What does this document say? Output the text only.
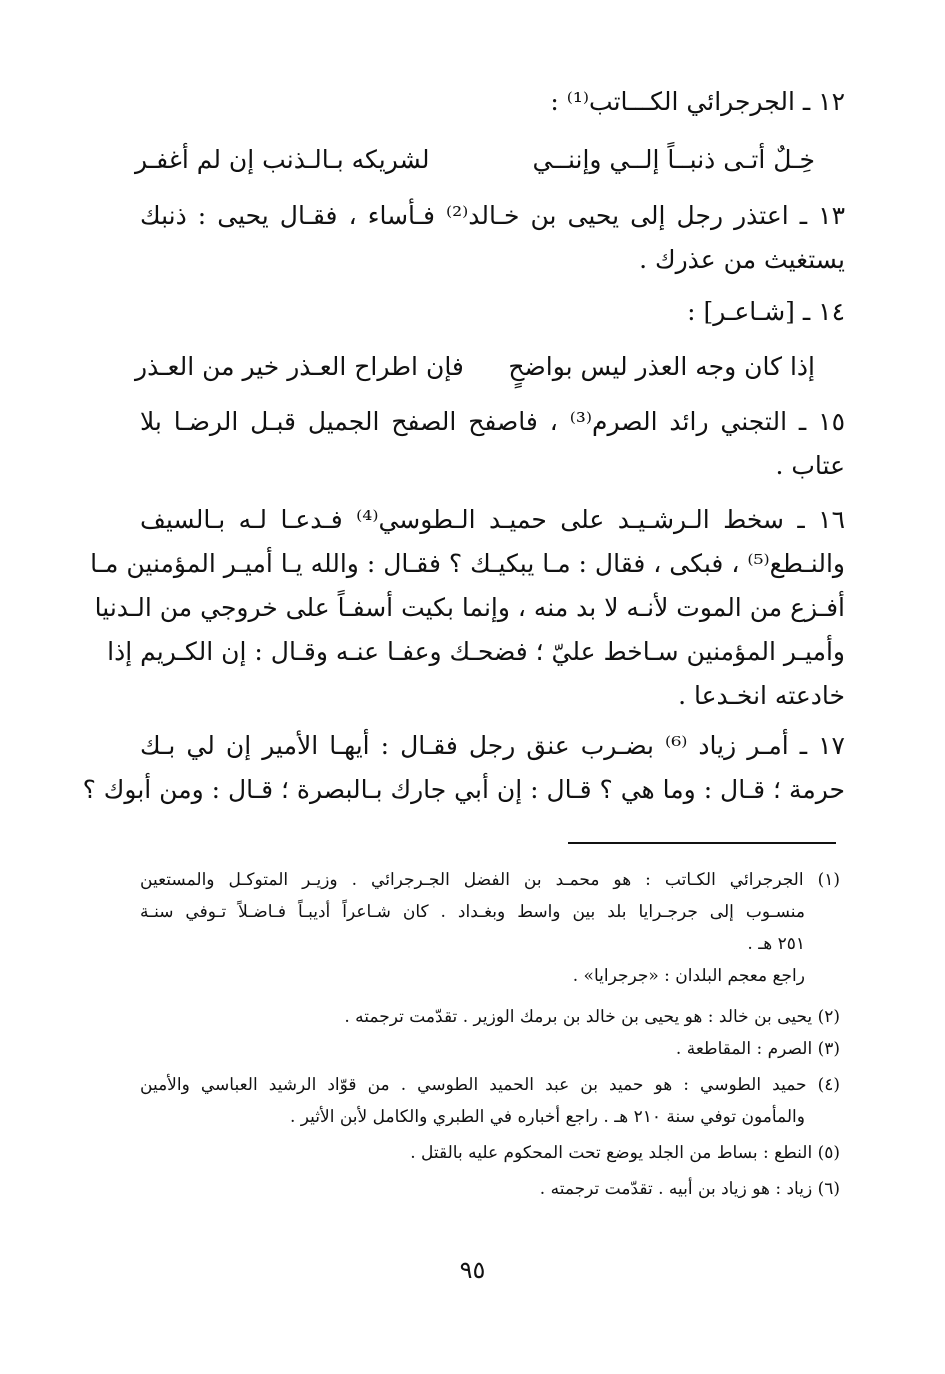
١٢ ـ الجرجرائي الكـــاتب⁽¹⁾ :
خِـلٌ أتـى ذنبــاً إلــي وإننــي
لشريكه بـالـذنب إن لم أغفـر
١٣ ـ اعتذر رجل إلى يحيى بن خـالد⁽²⁾ فـأساء ، فقـال يحيى : ذنبك
يستغيث من عذرك .
١٤ ـ [شـاعـر] :
إذا كان وجه العذر ليس بواضحٍ
فإن اطراح العـذر خير من العـذر
١٥ ـ التجني رائد الصرم⁽³⁾ ، فاصفح الصفح الجميل قبـل الرضـا بلا
عتاب .
١٦ ـ سخط الـرشـيـد على حميـد الـطوسي⁽⁴⁾ فـدعـا لـه بـالسيف
والنـطع⁽⁵⁾ ، فبكى ، فقال : مـا يبكيـك ؟ فقـال : والله يـا أميـر المؤمنين مـا
أفـزع من الموت لأنـه لا بد منه ، وإنما بكيت أسفـاً على خروجي من الـدنيا
وأميـر المؤمنين سـاخط عليّ ؛ فضحـك وعفـا عنـه وقـال : إن الكـريم إذا
خادعته انخـدعا .
١٧ ـ أمـر زياد ⁽⁶⁾ بضـرب عنق رجل فقـال : أيهـا الأمير إن لي بـك
حرمة ؛ قـال : وما هي ؟ قـال : إن أبي جارك بـالبصرة ؛ قـال : ومن أبوك ؟
(١) الجرجرائي الكـاتب : هو محمـد بن الفضل الجـرجرائي . وزيـر المتوكـل والمستعين
منسـوب إلى جرجـرايا بلد بين واسط وبغـداد . كان شـاعراً أديبـاً فـاضـلاً تـوفي سنـة
٢٥١ هـ .
راجع معجم البلدان : «جرجرايا» .
(٢) يحيى بن خالد : هو يحيى بن خالد بن برمك الوزير . تقدّمت ترجمته .
(٣) الصرم : المقاطعة .
(٤) حميد الطوسي : هو حميد بن عبد الحميد الطوسي . من قوّاد الرشيد العباسي والأمين
والمأمون توفي سنة ٢١٠ هـ . راجع أخباره في الطبري والكامل لأبن الأثير .
(٥) النطع : بساط من الجلد يوضع تحت المحكوم عليه بالقتل .
(٦) زياد : هو زياد بن أبيه . تقدّمت ترجمته .
٩٥
